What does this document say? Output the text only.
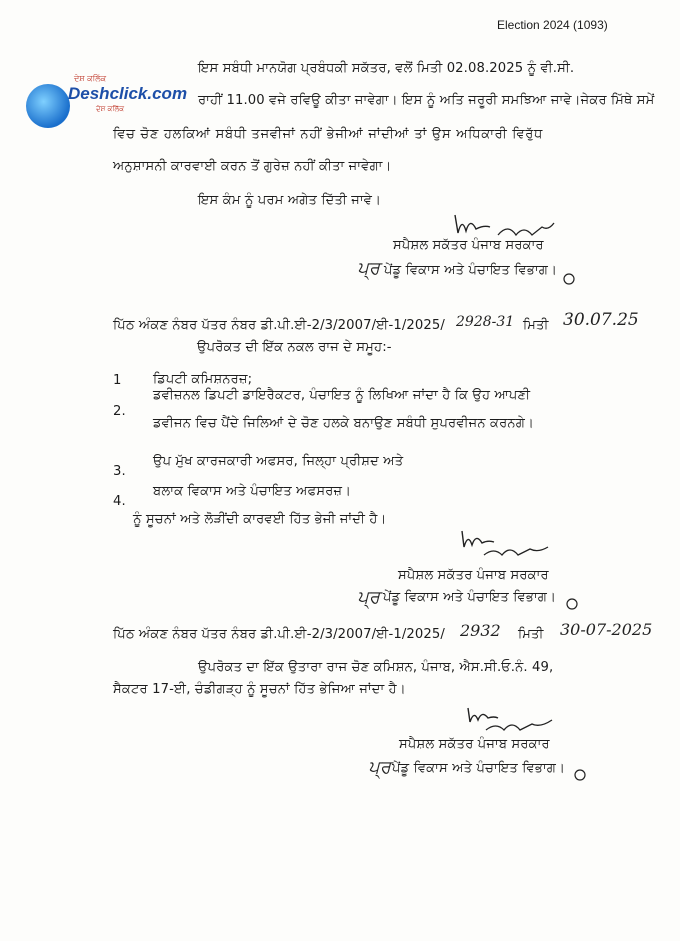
Election 2024 (1093)
ਦੇਸ਼ ਕਲਿੱਕ
Deshclick.com
ਦੇਸ਼ ਕਲਿੱਕ
ਇਸ ਸਬੰਧੀ ਮਾਨਯੋਗ ਪ੍ਰਬੰਧਕੀ ਸਕੱਤਰ, ਵਲੋਂ ਮਿਤੀ 02.08.2025 ਨੂੰ ਵੀ.ਸੀ.
ਰਾਹੀਂ 11.00 ਵਜੇ ਰਵਿਊ ਕੀਤਾ ਜਾਵੇਗਾ। ਇਸ ਨੂੰ ਅਤਿ ਜਰੂਰੀ ਸਮਝਿਆ ਜਾਵੇ।ਜੇਕਰ ਮਿੱਥੇ ਸਮੇਂ
ਵਿਚ ਚੋਣ ਹਲਕਿਆਂ ਸਬੰਧੀ ਤਜਵੀਜਾਂ ਨਹੀਂ ਭੇਜੀਆਂ ਜਾਂਦੀਆਂ ਤਾਂ ਉਸ ਅਧਿਕਾਰੀ ਵਿਰੁੱਧ
ਅਨੁਸ਼ਾਸਨੀ ਕਾਰਵਾਈ ਕਰਨ ਤੋਂ ਗੁਰੇਜ਼ ਨਹੀਂ ਕੀਤਾ ਜਾਵੇਗਾ।
ਇਸ ਕੰਮ ਨੂੰ ਪਰਮ ਅਗੇਤ ਦਿੱਤੀ ਜਾਵੇ।
ਸਪੈਸ਼ਲ ਸਕੱਤਰ ਪੰਜਾਬ ਸਰਕਾਰ
ਪ੍ਰ ਪੇਂਡੂ ਵਿਕਾਸ ਅਤੇ ਪੰਚਾਇਤ ਵਿਭਾਗ।
ਪਿੱਠ ਅੰਕਣ ਨੰਬਰ ਪੱਤਰ ਨੰਬਰ ਡੀ.ਪੀ.ਈ-2/3/2007/ਈ-1/2025/ 2928-31 ਮਿਤੀ 30.07.25
ਉਪਰੋਕਤ ਦੀ ਇੱਕ ਨਕਲ ਰਾਜ ਦੇ ਸਮੂਹ:-
1 ਡਿਪਟੀ ਕਮਿਸ਼ਨਰਜ਼;
2.
ਡਵੀਜ਼ਨਲ ਡਿਪਟੀ ਡਾਇਰੈਕਟਰ, ਪੰਚਾਇਤ ਨੂੰ ਲਿਖਿਆ ਜਾਂਦਾ ਹੈ ਕਿ ਉਹ ਆਪਣੀ
ਡਵੀਜਨ ਵਿਚ ਪੈਂਦੇ ਜਿਲਿਆਂ ਦੇ ਚੋਣ ਹਲਕੇ ਬਨਾਉਣ ਸਬੰਧੀ ਸੁਪਰਵੀਜਨ ਕਰਨਗੇ।
3.
ਉਪ ਮੁੱਖ ਕਾਰਜਕਾਰੀ ਅਫਸਰ, ਜਿਲ੍ਹਾ ਪ੍ਰੀਸ਼ਦ ਅਤੇ
4.
ਬਲਾਕ ਵਿਕਾਸ ਅਤੇ ਪੰਚਾਇਤ ਅਫਸਰਜ਼।
ਨੂੰ ਸੂਚਨਾਂ ਅਤੇ ਲੋੜੀਂਦੀ ਕਾਰਵਈ ਹਿੱਤ ਭੇਜੀ ਜਾਂਦੀ ਹੈ।
ਸਪੈਸ਼ਲ ਸਕੱਤਰ ਪੰਜਾਬ ਸਰਕਾਰ
ਪ੍ਰ ਪੇਂਡੂ ਵਿਕਾਸ ਅਤੇ ਪੰਚਾਇਤ ਵਿਭਾਗ।
ਪਿੱਠ ਅੰਕਣ ਨੰਬਰ ਪੱਤਰ ਨੰਬਰ ਡੀ.ਪੀ.ਈ-2/3/2007/ਈ-1/2025/ 2932 ਮਿਤੀ 30-07-2025
ਉਪਰੋਕਤ ਦਾ ਇੱਕ ਉਤਾਰਾ ਰਾਜ ਚੋਣ ਕਮਿਸ਼ਨ, ਪੰਜਾਬ, ਐਸ.ਸੀ.ਓ.ਨੰ. 49,
ਸੈਕਟਰ 17-ਈ, ਚੰਡੀਗੜ੍ਹ ਨੂੰ ਸੂਚਨਾਂ ਹਿੱਤ ਭੇਜਿਆ ਜਾਂਦਾ ਹੈ।
ਸਪੈਸ਼ਲ ਸਕੱਤਰ ਪੰਜਾਬ ਸਰਕਾਰ
ਪ੍ਰ ਪੇਂਡੂ ਵਿਕਾਸ ਅਤੇ ਪੰਚਾਇਤ ਵਿਭਾਗ।
